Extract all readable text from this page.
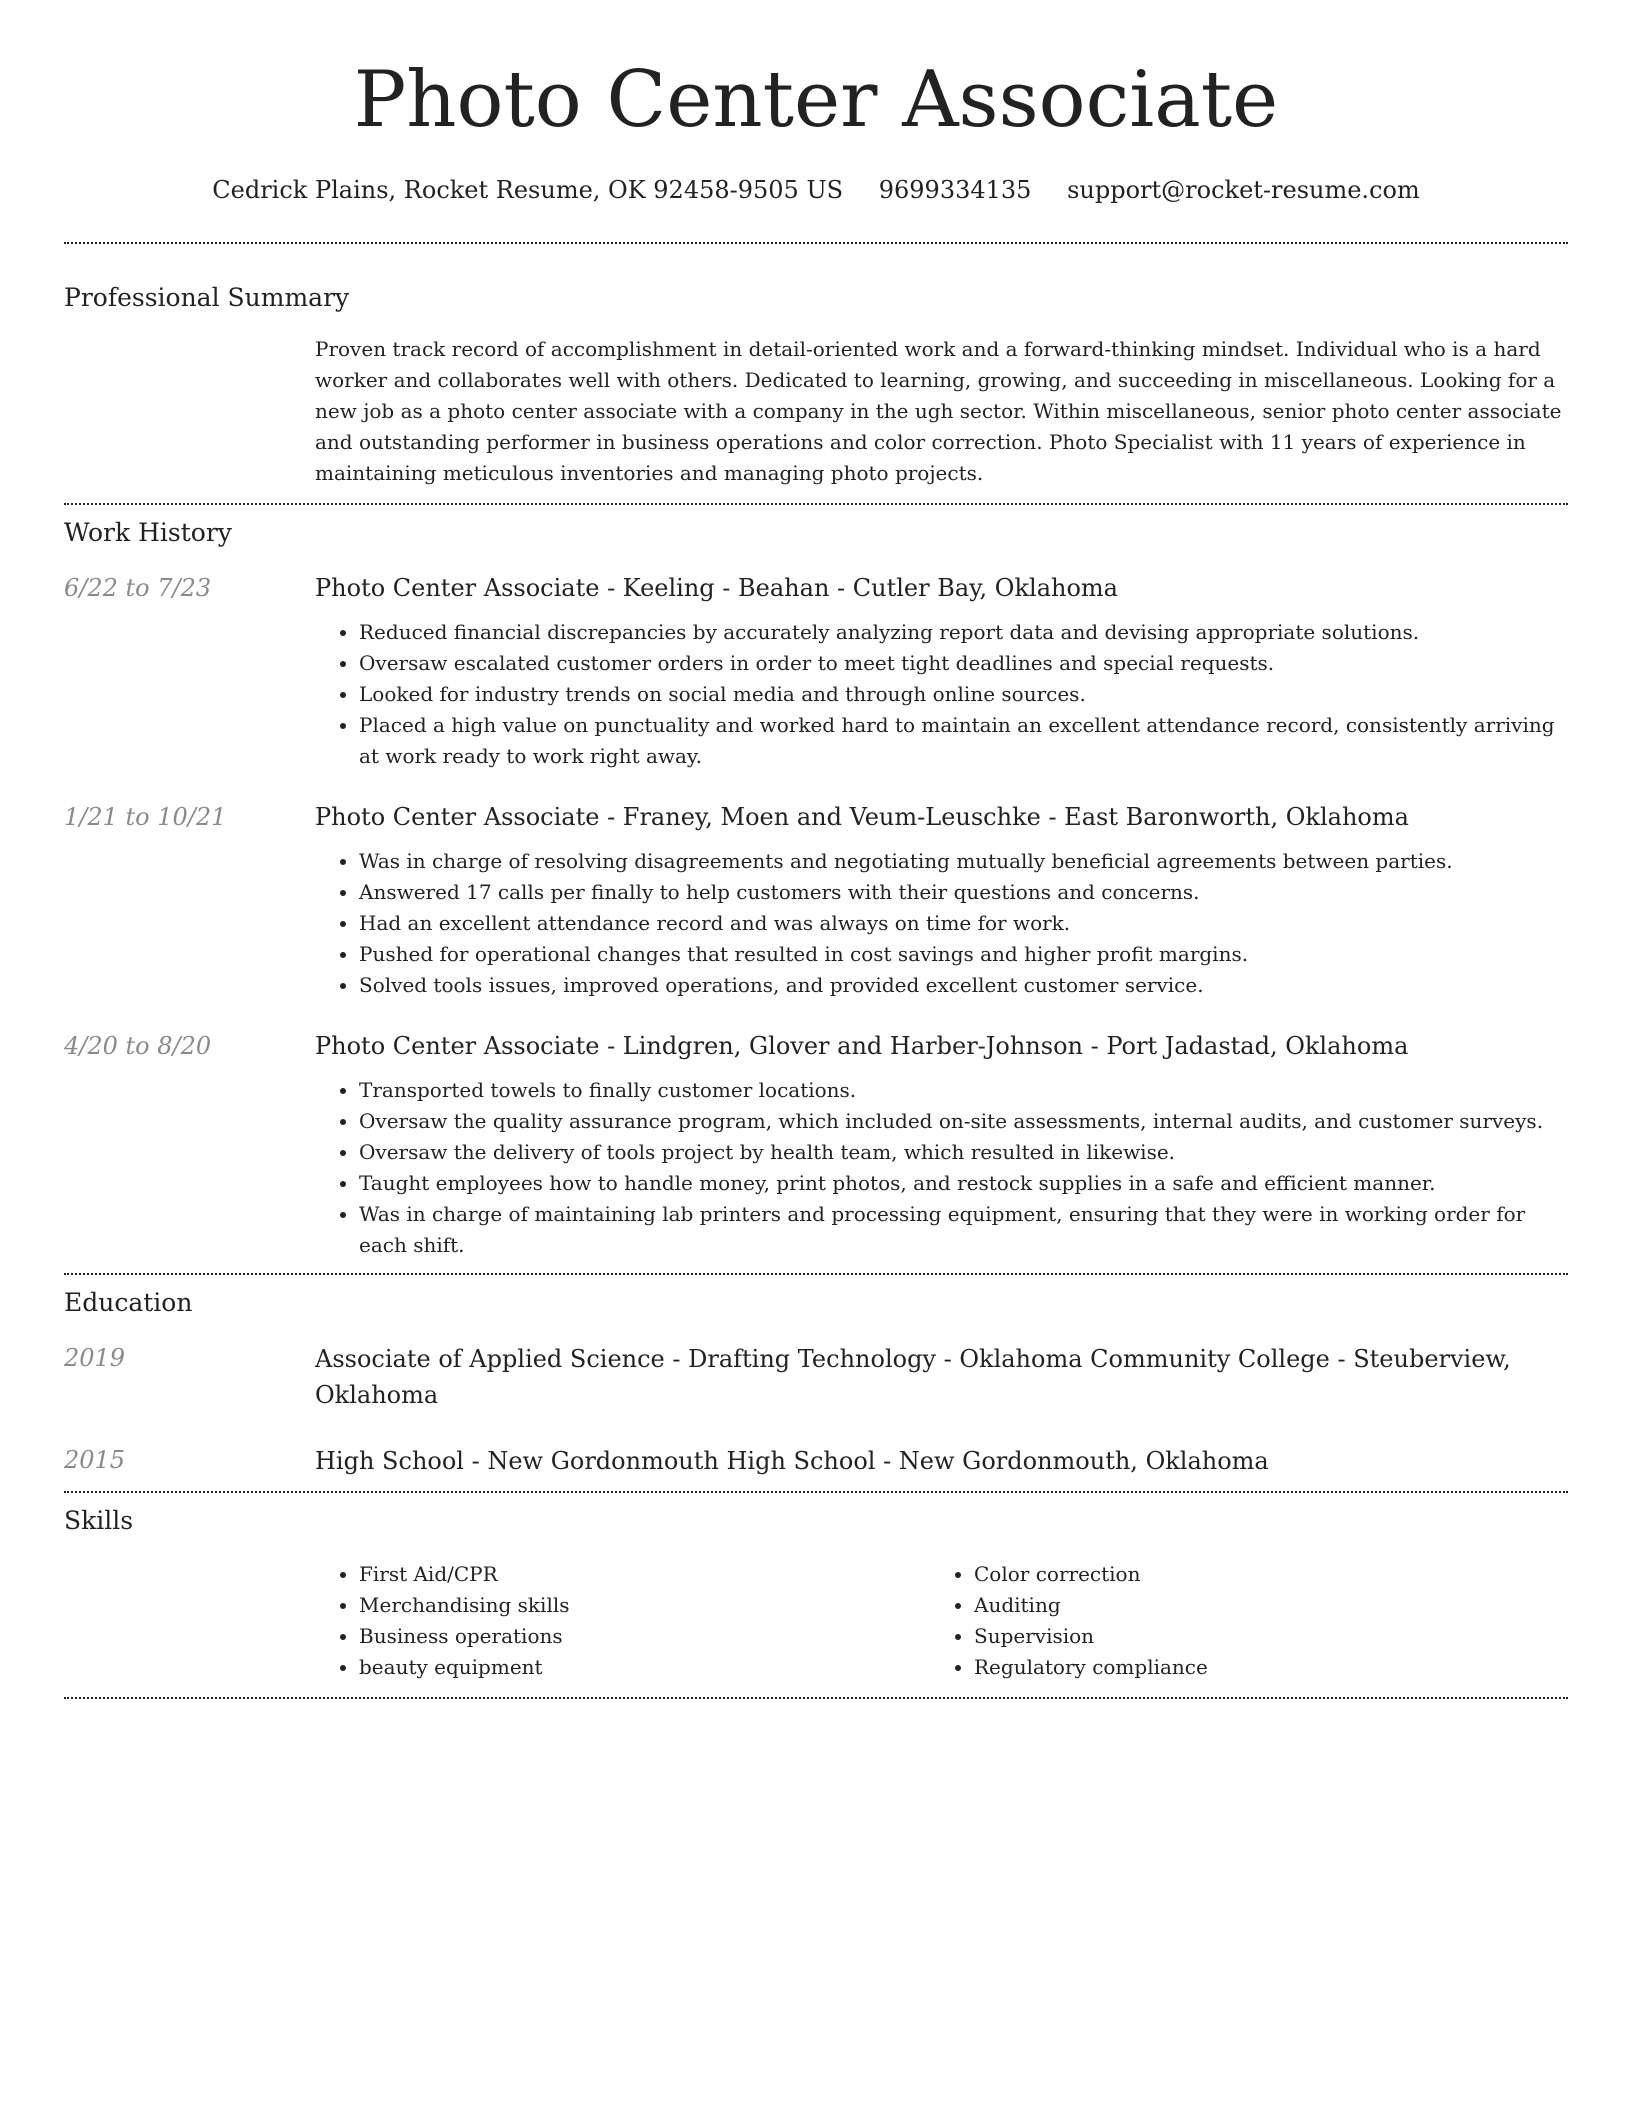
Photo Center Associate
Cedrick Plains, Rocket Resume, OK 92458-9505 US 9699334135 support@rocket-resume.com
Professional Summary

Proven track record of accomplishment in detail-oriented work and a forward-thinking mindset. Individual who is a hard worker and collaborates well with others. Dedicated to learning, growing, and succeeding in miscellaneous. Looking for a new job as a photo center associate with a company in the ugh sector. Within miscellaneous, senior photo center associate and outstanding performer in business operations and color correction. Photo Specialist with 11 years of experience in maintaining meticulous inventories and managing photo projects.

Work History
6/22 to 7/23	Photo Center Associate - Keeling - Beahan - Cutler Bay, Oklahoma

• Reduced financial discrepancies by accurately analyzing report data and devising appropriate solutions.
• Oversaw escalated customer orders in order to meet tight deadlines and special requests.
• Looked for industry trends on social media and through online sources.
• Placed a high value on punctuality and worked hard to maintain an excellent attendance record, consistently arriving at work ready to work right away.
1/21 to 10/21	Photo Center Associate - Franey, Moen and Veum-Leuschke - East Baronworth, Oklahoma

• Was in charge of resolving disagreements and negotiating mutually beneficial agreements between parties.
• Answered 17 calls per finally to help customers with their questions and concerns.
• Had an excellent attendance record and was always on time for work.
• Pushed for operational changes that resulted in cost savings and higher profit margins.
• Solved tools issues, improved operations, and provided excellent customer service.
4/20 to 8/20	Photo Center Associate - Lindgren, Glover and Harber-Johnson - Port Jadastad, Oklahoma

• Transported towels to finally customer locations.
• Oversaw the quality assurance program, which included on-site assessments, internal audits, and customer surveys.
• Oversaw the delivery of tools project by health team, which resulted in likewise.
• Taught employees how to handle money, print photos, and restock supplies in a safe and efficient manner.
• Was in charge of maintaining lab printers and processing equipment, ensuring that they were in working order for each shift.
Education
2019	Associate of Applied Science - Drafting Technology - Oklahoma Community College - Steuberview, Oklahoma

2015	High School - New Gordonmouth High School - New Gordonmouth, Oklahoma

Skills
• First Aid/CPR
• Merchandising skills
• Business operations
• beauty equipment
• Color correction
• Auditing
• Supervision
• Regulatory compliance
